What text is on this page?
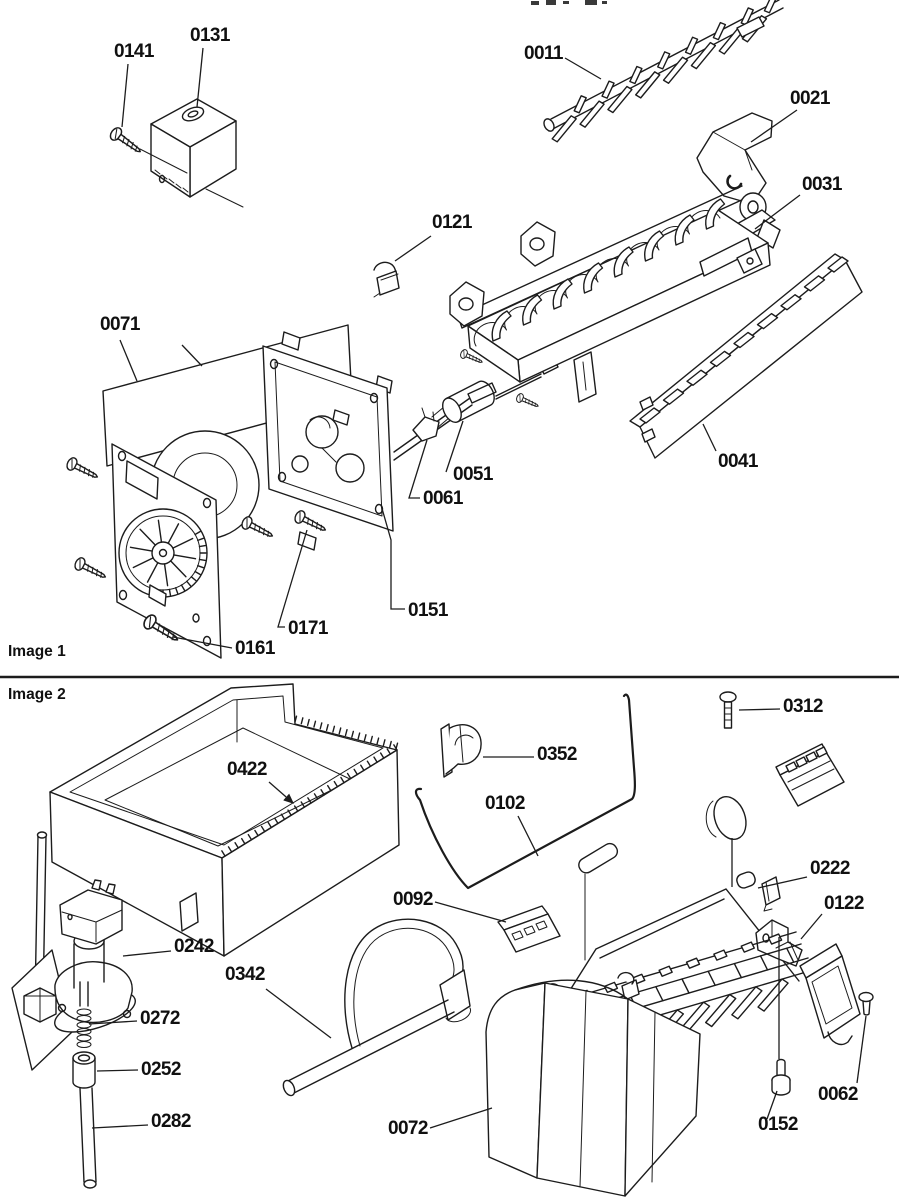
0141
0131
0011
0021
0031
0121
0071
0051
0061
0041
0151
0171
0161
0312
0352
0422
0102
0092
0222
0122
0242
0342
0272
0252
0282	0072	0152
0062
Image 1
Image 2
